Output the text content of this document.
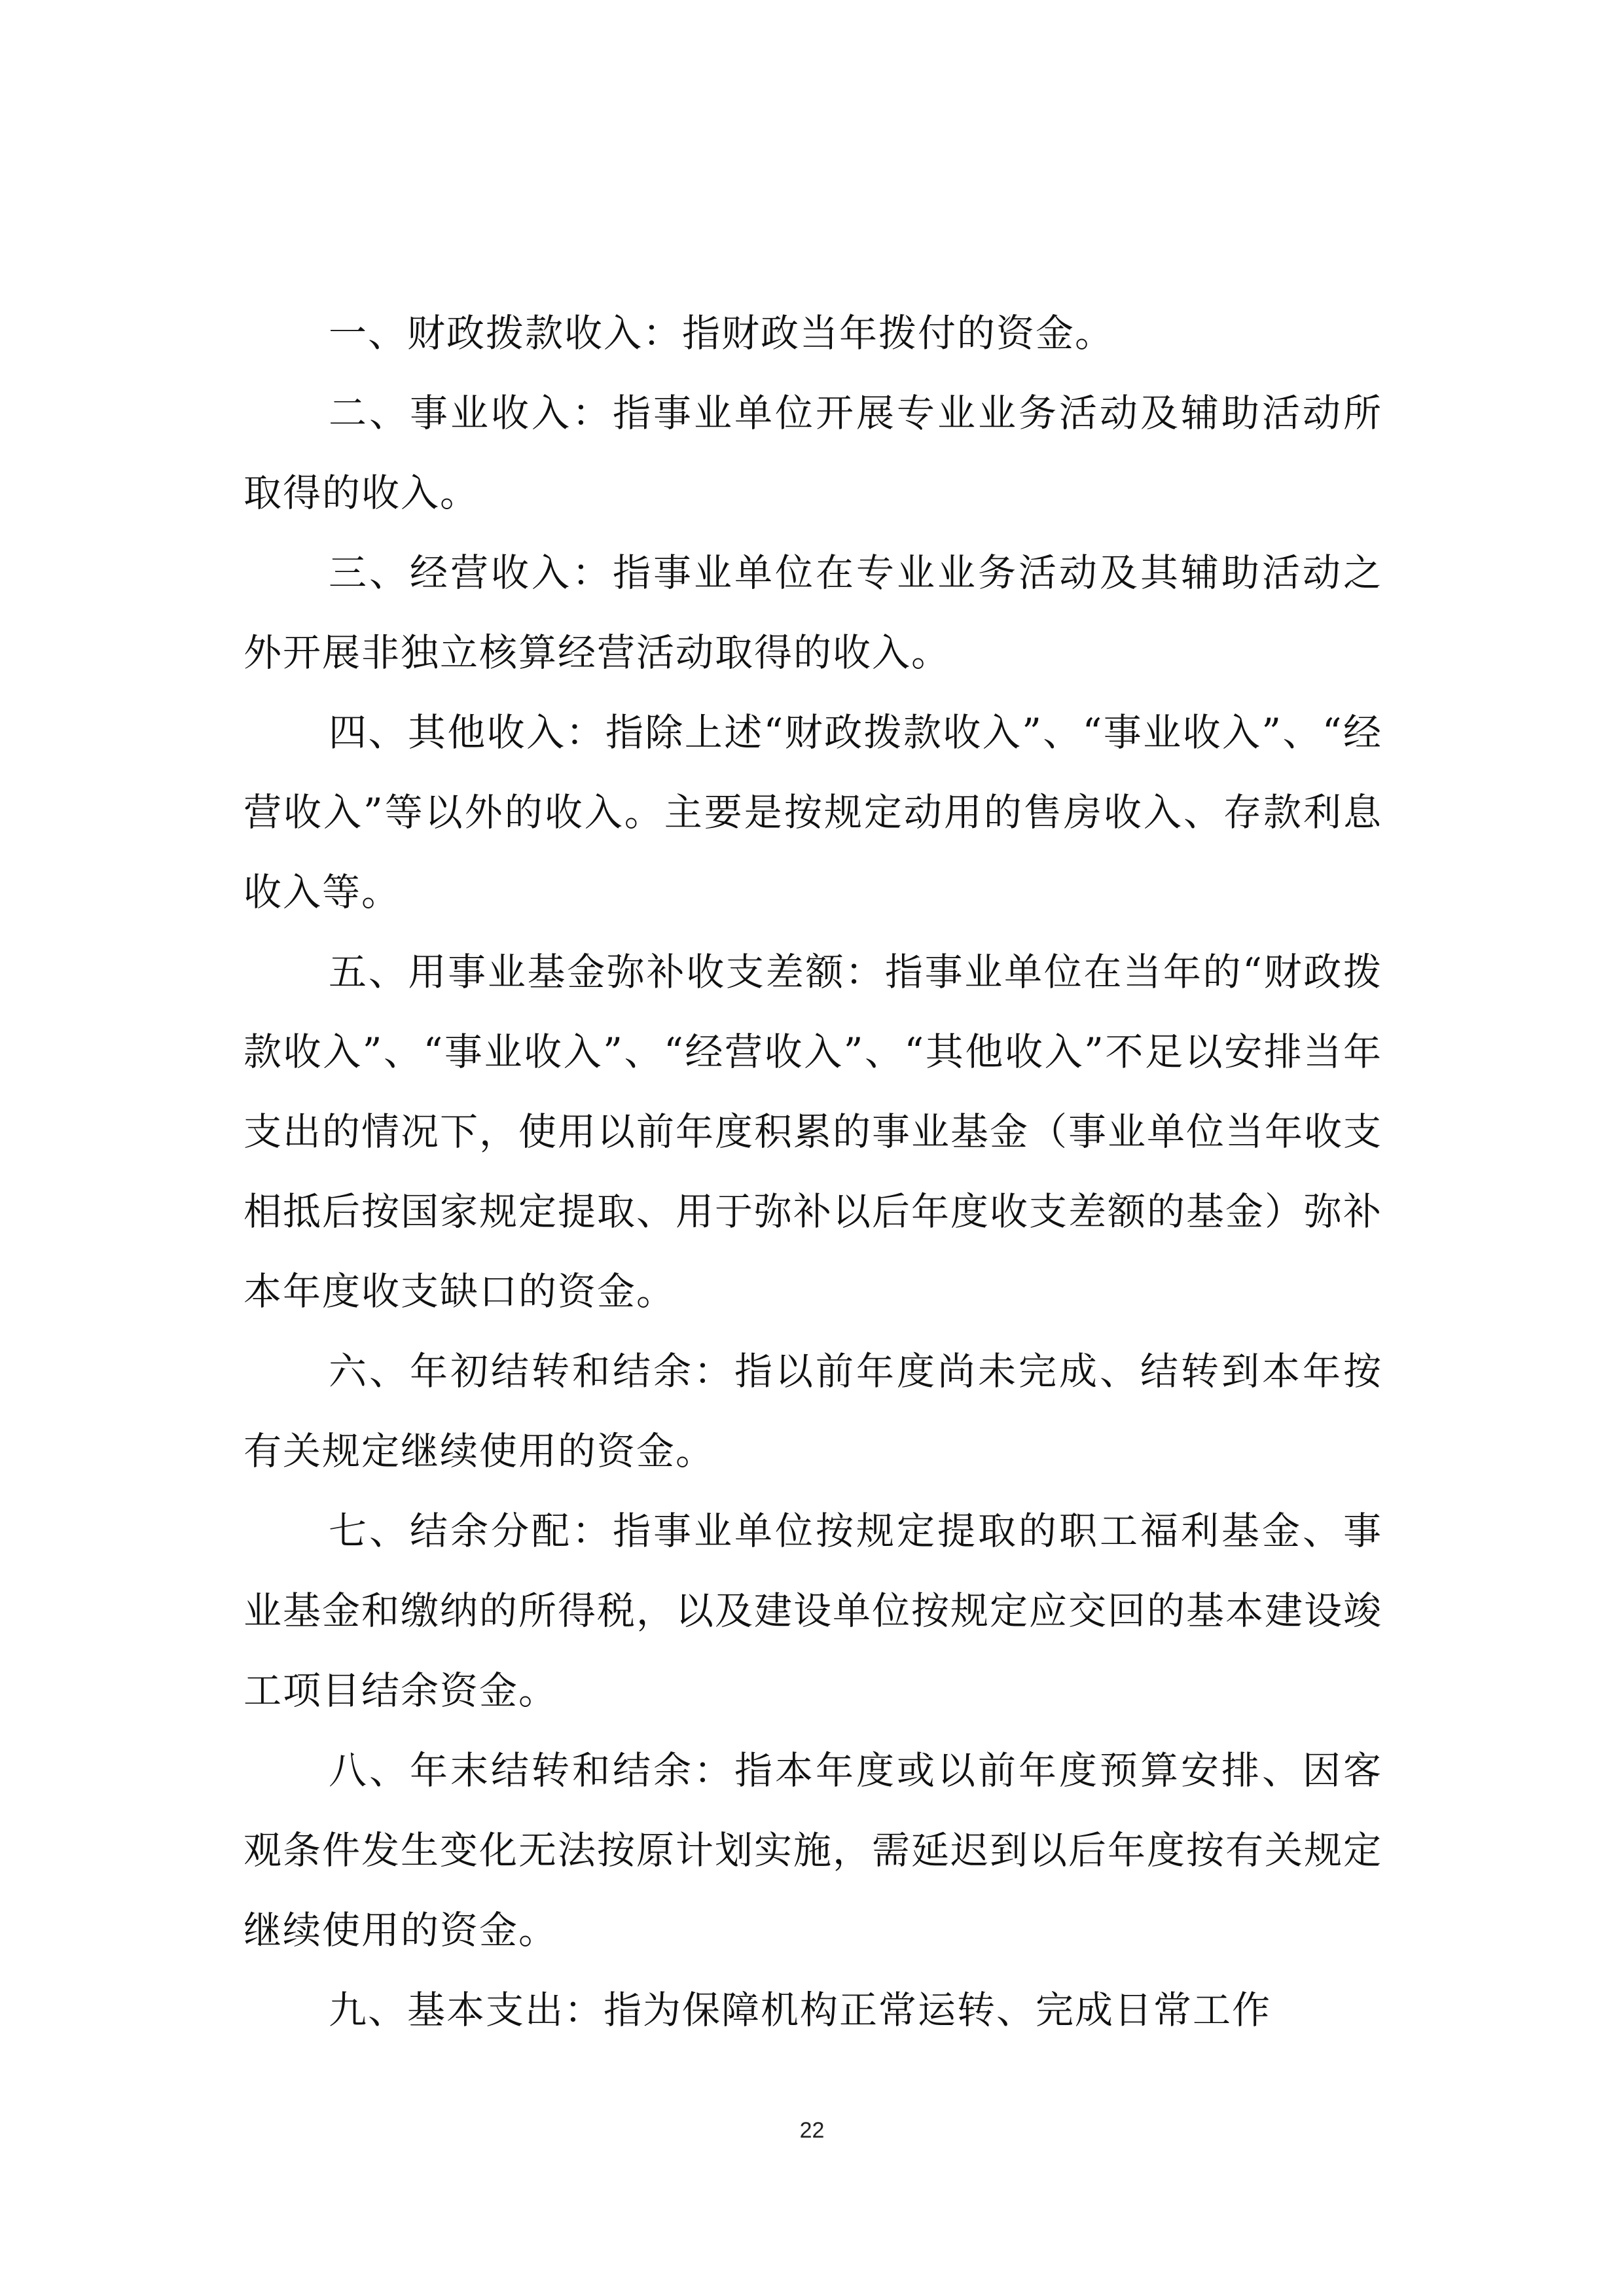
一、财政拨款收入：指财政当年拨付的资金。

二、事业收入：指事业单位开展专业业务活动及辅助活动所取得的收入。

三、经营收入：指事业单位在专业业务活动及其辅助活动之外开展非独立核算经营活动取得的收入。

四、其他收入：指除上述“财政拨款收入”、“事业收入”、“经营收入”等以外的收入。主要是按规定动用的售房收入、存款利息收入等。

五、用事业基金弥补收支差额：指事业单位在当年的“财政拨款收入”、“事业收入”、“经营收入”、“其他收入”不足以安排当年支出的情况下，使用以前年度积累的事业基金（事业单位当年收支相抵后按国家规定提取、用于弥补以后年度收支差额的基金）弥补本年度收支缺口的资金。

六、年初结转和结余：指以前年度尚未完成、结转到本年按有关规定继续使用的资金。

七、结余分配：指事业单位按规定提取的职工福利基金、事业基金和缴纳的所得税，以及建设单位按规定应交回的基本建设竣工项目结余资金。

八、年末结转和结余：指本年度或以前年度预算安排、因客观条件发生变化无法按原计划实施，需延迟到以后年度按有关规定继续使用的资金。

九、基本支出：指为保障机构正常运转、完成日常工作

22
